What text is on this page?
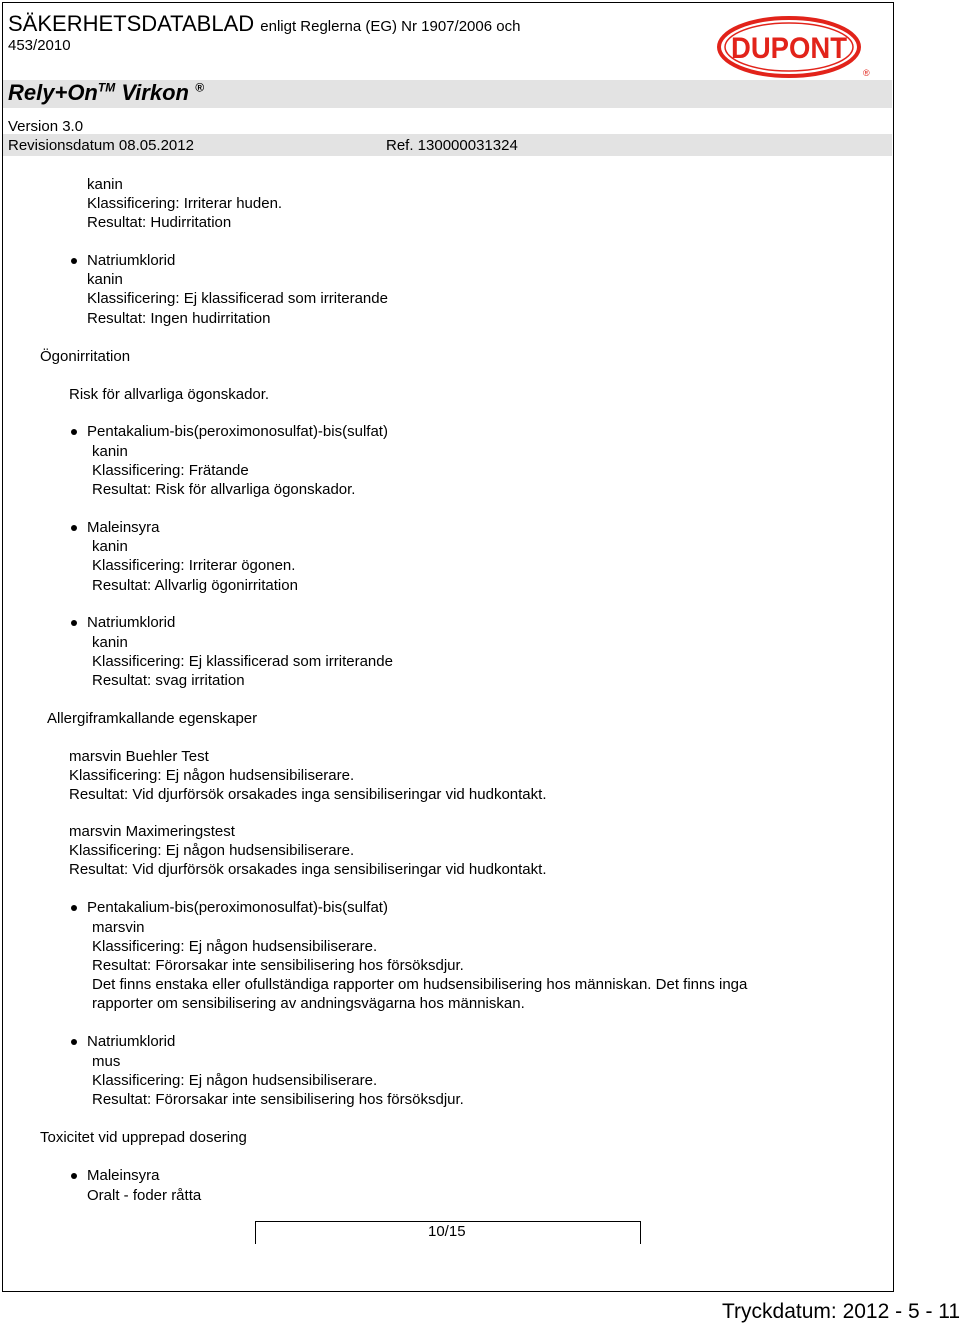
SÄKERHETSDATABLAD enligt Reglerna (EG) Nr 1907/2006 och
453/2010
Rely+On™ Virkon ®
Version 3.0
Revisionsdatum 08.05.2012	Ref. 130000031324
DUPONT
®
kanin
Klassificering: Irriterar huden.
Resultat: Hudirritation
Natriumklorid
kanin
Klassificering: Ej klassificerad som irriterande
Resultat: Ingen hudirritation
Ögonirritation
Risk för allvarliga ögonskador.
Pentakalium-bis(peroximonosulfat)-bis(sulfat)
kanin
Klassificering: Frätande
Resultat: Risk för allvarliga ögonskador.
Maleinsyra
kanin
Klassificering: Irriterar ögonen.
Resultat: Allvarlig ögonirritation
Natriumklorid
kanin
Klassificering: Ej klassificerad som irriterande
Resultat: svag irritation
Allergiframkallande egenskaper
marsvin Buehler Test
Klassificering: Ej någon hudsensibiliserare.
Resultat: Vid djurförsök orsakades inga sensibiliseringar vid hudkontakt.
marsvin Maximeringstest
Klassificering: Ej någon hudsensibiliserare.
Resultat: Vid djurförsök orsakades inga sensibiliseringar vid hudkontakt.
Pentakalium-bis(peroximonosulfat)-bis(sulfat)
marsvin
Klassificering: Ej någon hudsensibiliserare.
Resultat: Förorsakar inte sensibilisering hos försöksdjur.
Det finns enstaka eller ofullständiga rapporter om hudsensibilisering hos människan. Det finns inga
rapporter om sensibilisering av andningsvägarna hos människan.
Natriumklorid
mus
Klassificering: Ej någon hudsensibiliserare.
Resultat: Förorsakar inte sensibilisering hos försöksdjur.
Toxicitet vid upprepad dosering
Maleinsyra
Oralt - foder råtta
10/15
Tryckdatum: 2012 - 5 - 11
